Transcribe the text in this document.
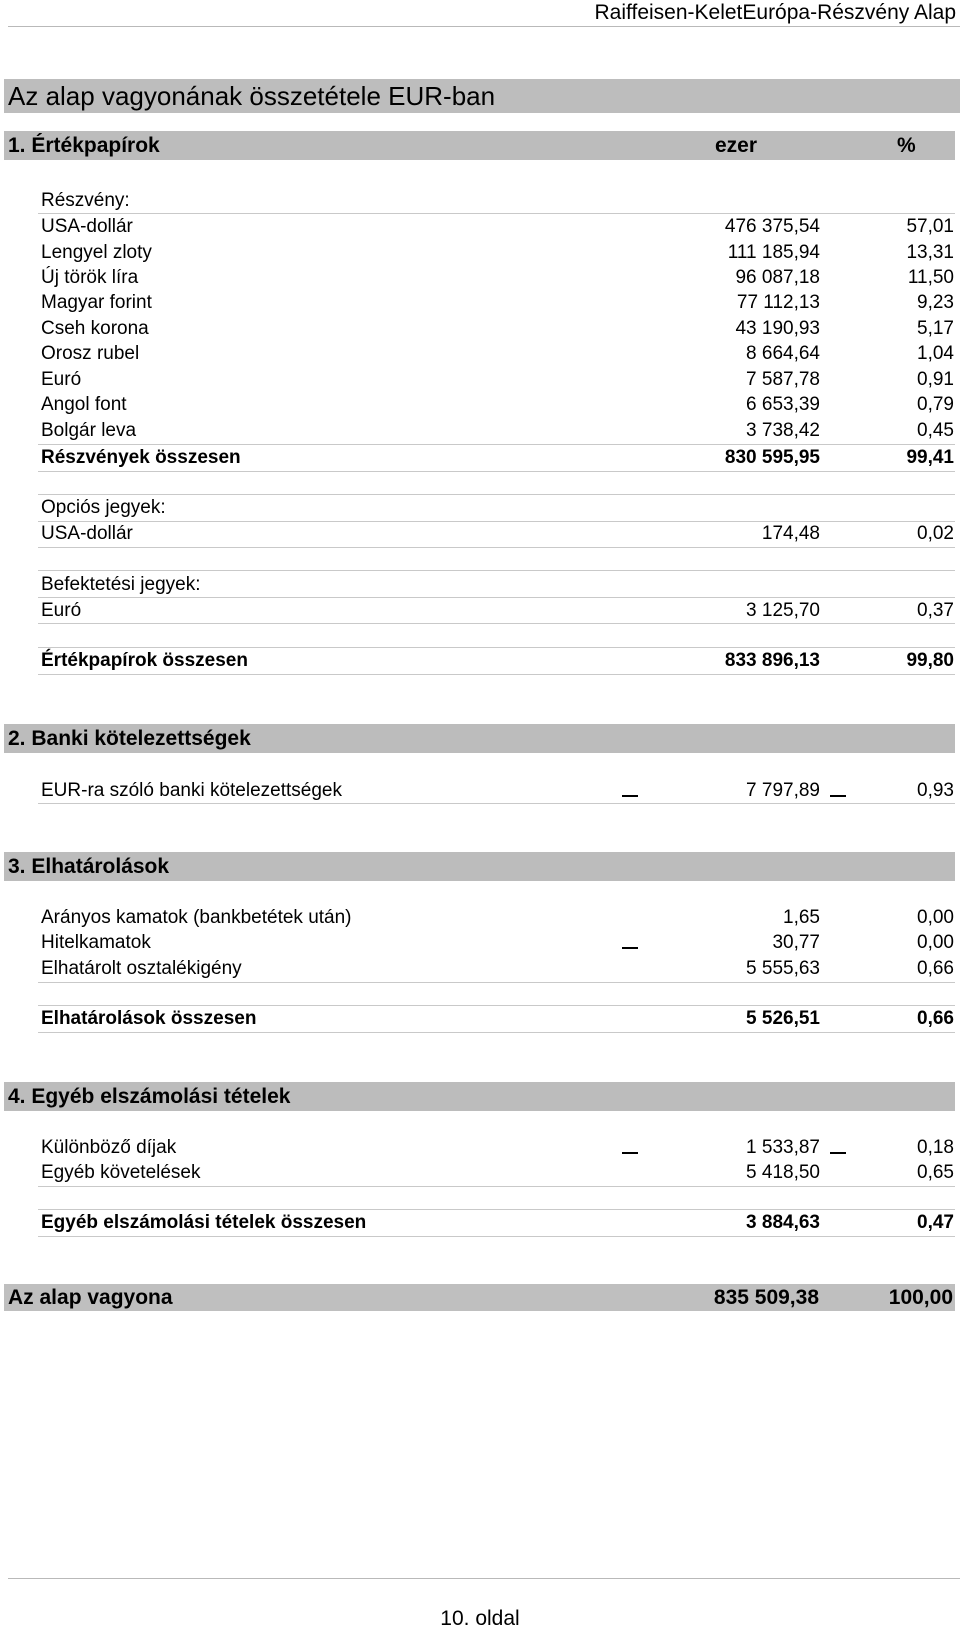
Raiffeisen-KeletEurópa-Részvény Alap
Az alap vagyonának összetétele EUR-ban
1. Értékpapírok	ezer	%
Részvény:
USA-dollár	476 375,54	57,01
Lengyel zloty	111 185,94	13,31
Új török líra	96 087,18	11,50
Magyar forint	77 112,13	9,23
Cseh korona	43 190,93	5,17
Orosz rubel	8 664,64	1,04
Euró	7 587,78	0,91
Angol font	6 653,39	0,79
Bolgár leva	3 738,42	0,45
Részvények összesen	830 595,95	99,41
Opciós jegyek:
USA-dollár	174,48	0,02
Befektetési jegyek:
Euró	3 125,70	0,37
Értékpapírok összesen	833 896,13	99,80
2. Banki kötelezettségek
EUR-ra szóló banki kötelezettségek	7 797,89	0,93
3. Elhatárolások
Arányos kamatok (bankbetétek után)	1,65	0,00
Hitelkamatok	30,77	0,00
Elhatárolt osztalékigény	5 555,63	0,66
Elhatárolások összesen	5 526,51	0,66
4. Egyéb elszámolási tételek
Különböző díjak	1 533,87	0,18
Egyéb követelések	5 418,50	0,65
Egyéb elszámolási tételek összesen	3 884,63	0,47
Az alap vagyona	835 509,38	100,00
10. oldal
